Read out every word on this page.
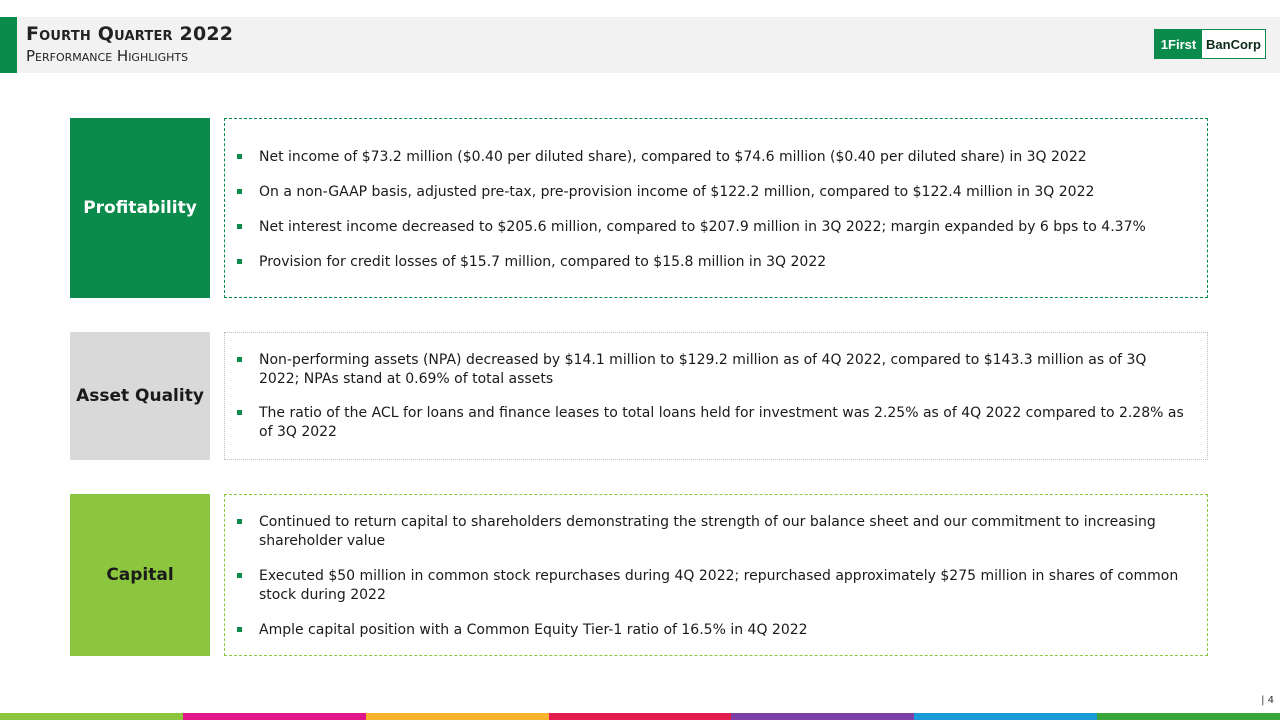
Fourth Quarter 2022
Performance Highlights
1First BanCorp
Profitability
Net income of $73.2 million ($0.40 per diluted share), compared to $74.6 million ($0.40 per diluted share) in 3Q 2022
On a non-GAAP basis, adjusted pre-tax, pre-provision income of $122.2 million, compared to $122.4 million in 3Q 2022
Net interest income decreased to $205.6 million, compared to $207.9 million in 3Q 2022; margin expanded by 6 bps to 4.37%
Provision for credit losses of $15.7 million, compared to $15.8 million in 3Q 2022
Asset Quality
Non-performing assets (NPA) decreased by $14.1 million to $129.2 million as of 4Q 2022, compared to $143.3 million as of 3Q 2022; NPAs stand at 0.69% of total assets
The ratio of the ACL for loans and finance leases to total loans held for investment was 2.25% as of 4Q 2022 compared to 2.28% as of 3Q 2022
Capital
Continued to return capital to shareholders demonstrating the strength of our balance sheet and our commitment to increasing shareholder value
Executed $50 million in common stock repurchases during 4Q 2022; repurchased approximately $275 million in shares of common stock during 2022
Ample capital position with a Common Equity Tier-1 ratio of 16.5% in 4Q 2022
| 4
